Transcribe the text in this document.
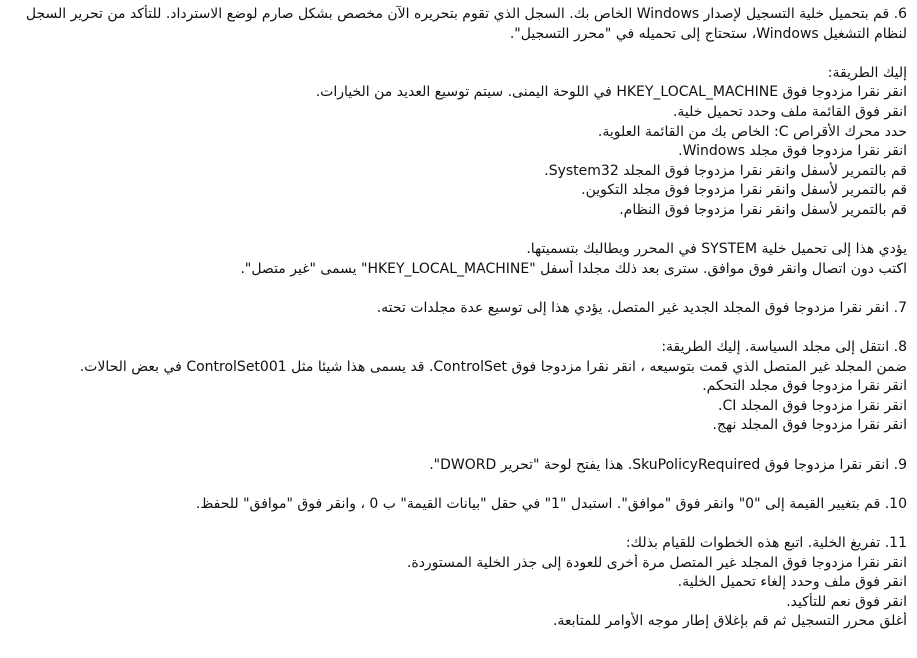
6. قم بتحميل خلية التسجيل لإصدار Windows الخاص بك. السجل الذي تقوم بتحريره الآن مخصص بشكل صارم لوضع الاسترداد. للتأكد من تحرير السجل
لنظام التشغيل Windows، ستحتاج إلى تحميله في "محرر التسجيل".
إليك الطريقة:
انقر نقرا مزدوجا فوق HKEY_LOCAL_MACHINE في اللوحة اليمنى. سيتم توسيع العديد من الخيارات.
انقر فوق القائمة ملف وحدد تحميل خلية.
حدد محرك الأقراص C: الخاص بك من القائمة العلوية.
انقر نقرا مزدوجا فوق مجلد Windows.
قم بالتمرير لأسفل وانقر نقرا مزدوجا فوق المجلد System32.
قم بالتمرير لأسفل وانقر نقرا مزدوجا فوق مجلد التكوين.
قم بالتمرير لأسفل وانقر نقرا مزدوجا فوق النظام.
يؤدي هذا إلى تحميل خلية SYSTEM في المحرر ويطالبك بتسميتها.
اكتب دون اتصال وانقر فوق موافق. سترى بعد ذلك مجلدا أسفل "HKEY_LOCAL_MACHINE" يسمى "غير متصل".
7. انقر نقرا مزدوجا فوق المجلد الجديد غير المتصل. يؤدي هذا إلى توسيع عدة مجلدات تحته.
8. انتقل إلى مجلد السياسة. إليك الطريقة:
ضمن المجلد غير المتصل الذي قمت بتوسيعه ، انقر نقرا مزدوجا فوق ControlSet. قد يسمى هذا شيئا مثل ControlSet001 في بعض الحالات.
انقر نقرا مزدوجا فوق مجلد التحكم.
انقر نقرا مزدوجا فوق المجلد CI.
انقر نقرا مزدوجا فوق المجلد نهج.
9. انقر نقرا مزدوجا فوق SkuPolicyRequired. هذا يفتح لوحة "تحرير DWORD".
10. قم بتغيير القيمة إلى "0" وانقر فوق "موافق". استبدل "1" في حقل "بيانات القيمة" ب 0 ، وانقر فوق "موافق" للحفظ.
11. تفريغ الخلية. اتبع هذه الخطوات للقيام بذلك:
انقر نقرا مزدوجا فوق المجلد غير المتصل مرة أخرى للعودة إلى جذر الخلية المستوردة.
انقر فوق ملف وحدد إلغاء تحميل الخلية.
انقر فوق نعم للتأكيد.
أغلق محرر التسجيل ثم قم بإغلاق إطار موجه الأوامر للمتابعة.
